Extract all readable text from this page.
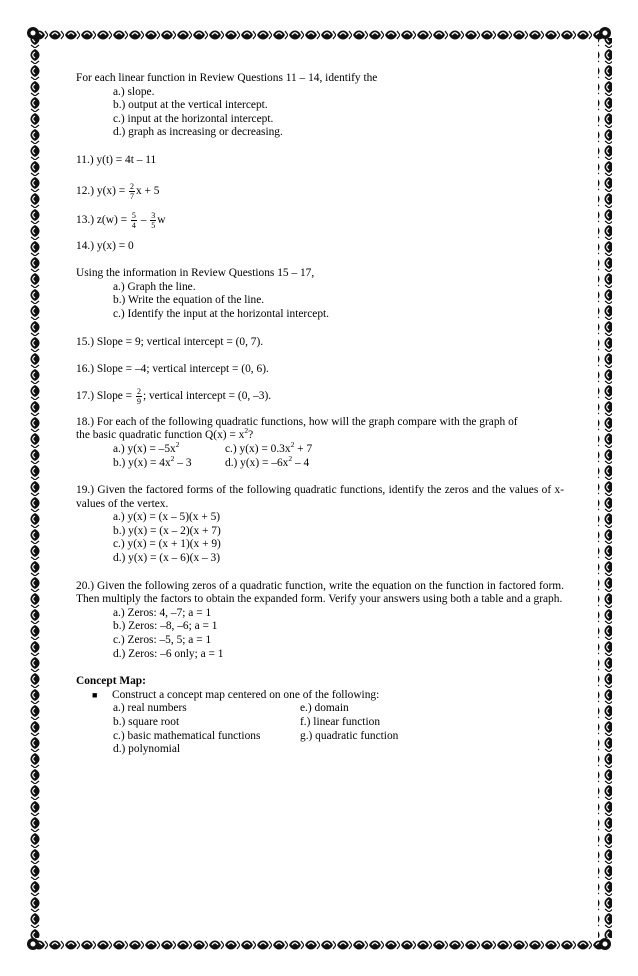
For each linear function in Review Questions 11 – 14, identify the

a.) slope.

b.) output at the vertical intercept.

c.) input at the horizontal intercept.

d.) graph as increasing or decreasing.

11.) y(t) = 4t – 11

12.) $y(x) = \frac{2}{7}$ x + 5

13.) $z(w) = \frac{5}{4} - \frac{3}{5}$ w

14.) y(x) = 0

Using the information in Review Questions 15 – 17,

a.) Graph the line.

b.) Write the equation of the line.

c.) Identify the input at the horizontal intercept.

15.) Slope = 9; vertical intercept = (0, 7).

16.) Slope = –4; vertical intercept = (0, 6).

17.) Slope = $\frac{2}{9}$ ; vertical intercept = (0, –3).

18.) For each of the following quadratic functions, how will the graph compare with the graph of

the basic quadratic function $Q(x) = x^2$?

a.) $y(x) = -5x^2$	c.) $y(x) = 0.3x^2 + 7$
b.) $y(x) = 4x^2 - 3$	d.) $y(x) = -6x^2 - 4$

19.) Given the factored forms of the following quadratic functions, identify the zeros and the values of x-values of the vertex.

a.) y(x) = (x – 5)(x + 5)

b.) y(x) = (x – 2)(x + 7)

c.) y(x) = (x + 1)(x + 9)

d.) y(x) = (x – 6)(x – 3)

20.) Given the following zeros of a quadratic function, write the equation on the function in factored form. Then multiply the factors to obtain the expanded form. Verify your answers using both a table and a graph.

a.) Zeros: 4, –7; a = 1

b.) Zeros: –8, –6; a = 1

c.) Zeros: –5, 5; a = 1

d.) Zeros: –6 only; a = 1

Concept Map:

■	Construct a concept map centered on one of the following:
a.) real numbers	e.) domain
b.) square root	f.) linear function
c.) basic mathematical functions	g.) quadratic function
d.) polynomial
